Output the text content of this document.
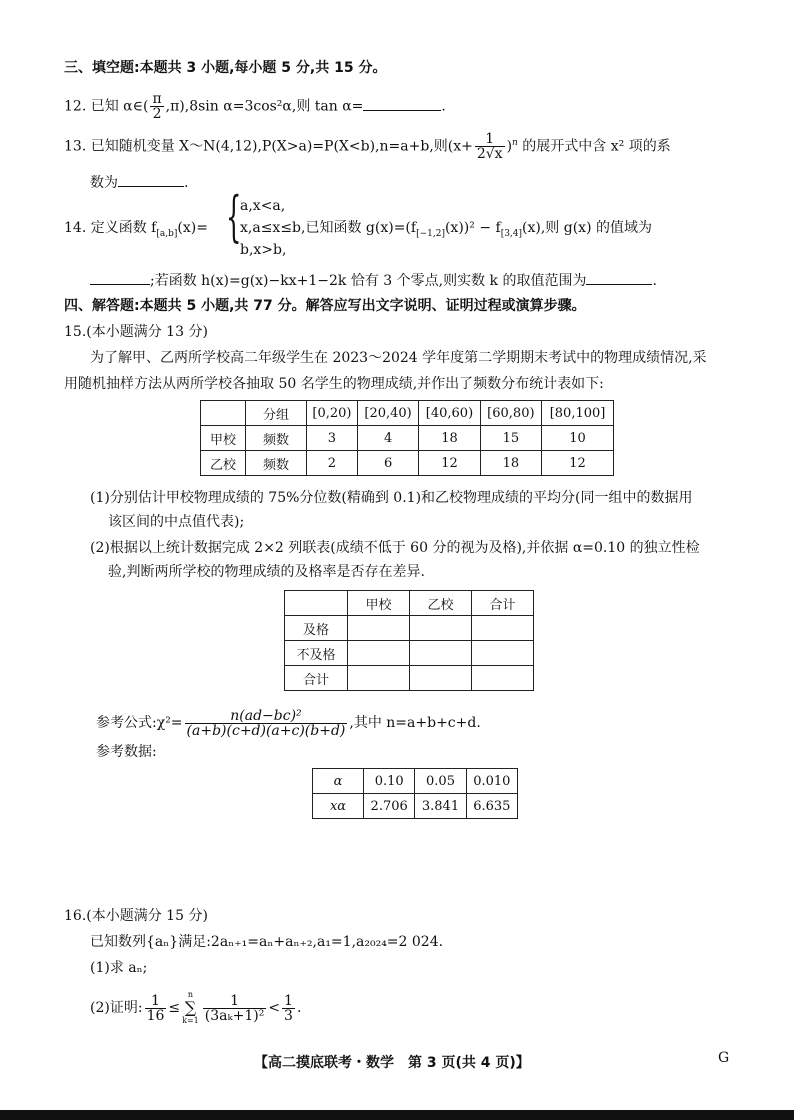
三、填空题:本题共 3 小题,每小题 5 分,共 15 分。
12. 已知 α∈( $\frac{\pi}{2} ,\pi),8\sin$ α=3cos²α,则 tan α=	.
13. 已知随机变量 X～N(4,12),P(X>a)=P(X<b),n=a+b,则$(x+ \frac{1}{2√x} )^n$ 的展开式中含 x² 项的系
数为	.
14. 定义函数 $f_{[a,b]}(x)=$ {
a,x<a,
x,a≤x≤b,已知函数 $g(x)=(f_{[-1,2]}(x))^2 - f_{[3,4]}(x)$,则 g(x) 的值域为
b,x>b,
;若函数 h(x)=g(x)−kx+1−2k 恰有 3 个零点,则实数 k 的取值范围为	.
四、解答题:本题共 5 小题,共 77 分。解答应写出文字说明、证明过程或演算步骤。
15.(本小题满分 13 分)
为了解甲、乙两所学校高二年级学生在 2023～2024 学年度第二学期期末考试中的物理成绩情况,采
用随机抽样方法从两所学校各抽取 50 名学生的物理成绩,并作出了频数分布统计表如下:
	分组	[0,20)	[20,40)	[40,60)	[60,80)	[80,100]
甲校	频数	3	4	18	15	10
乙校	频数	2	6	12	18	12
(1)分别估计甲校物理成绩的 75%分位数(精确到 0.1)和乙校物理成绩的平均分(同一组中的数据用
该区间的中点值代表);
(2)根据以上统计数据完成 2×2 列联表(成绩不低于 60 分的视为及格),并依据 α=0.10 的独立性检
验,判断两所学校的物理成绩的及格率是否存在差异.
	甲校	乙校	合计
及格			
不及格			
合计			
参考公式:χ²= $\frac{\text{n(ad−bc)²}}{(a+b)(c+d)(a+c)(b+d)}$ ,其中 n=a+b+c+d.
参考数据:
α	0.10	0.05	0.010
xα	2.706	3.841	6.635
16.(本小题满分 15 分)
已知数列{aₙ}满足:2aₙ₊₁=aₙ+aₙ₊₂,a₁=1,a₂₀₂₄=2 024.
(1)求 aₙ;
(2)证明: $\frac{1}{16}$ ≤
n
∑
$k=1 \frac{1}{\text{(3aₖ+1)²}} < \frac{1}{3}$ .
【高二摸底联考・数学　第 3 页(共 4 页)】	G
